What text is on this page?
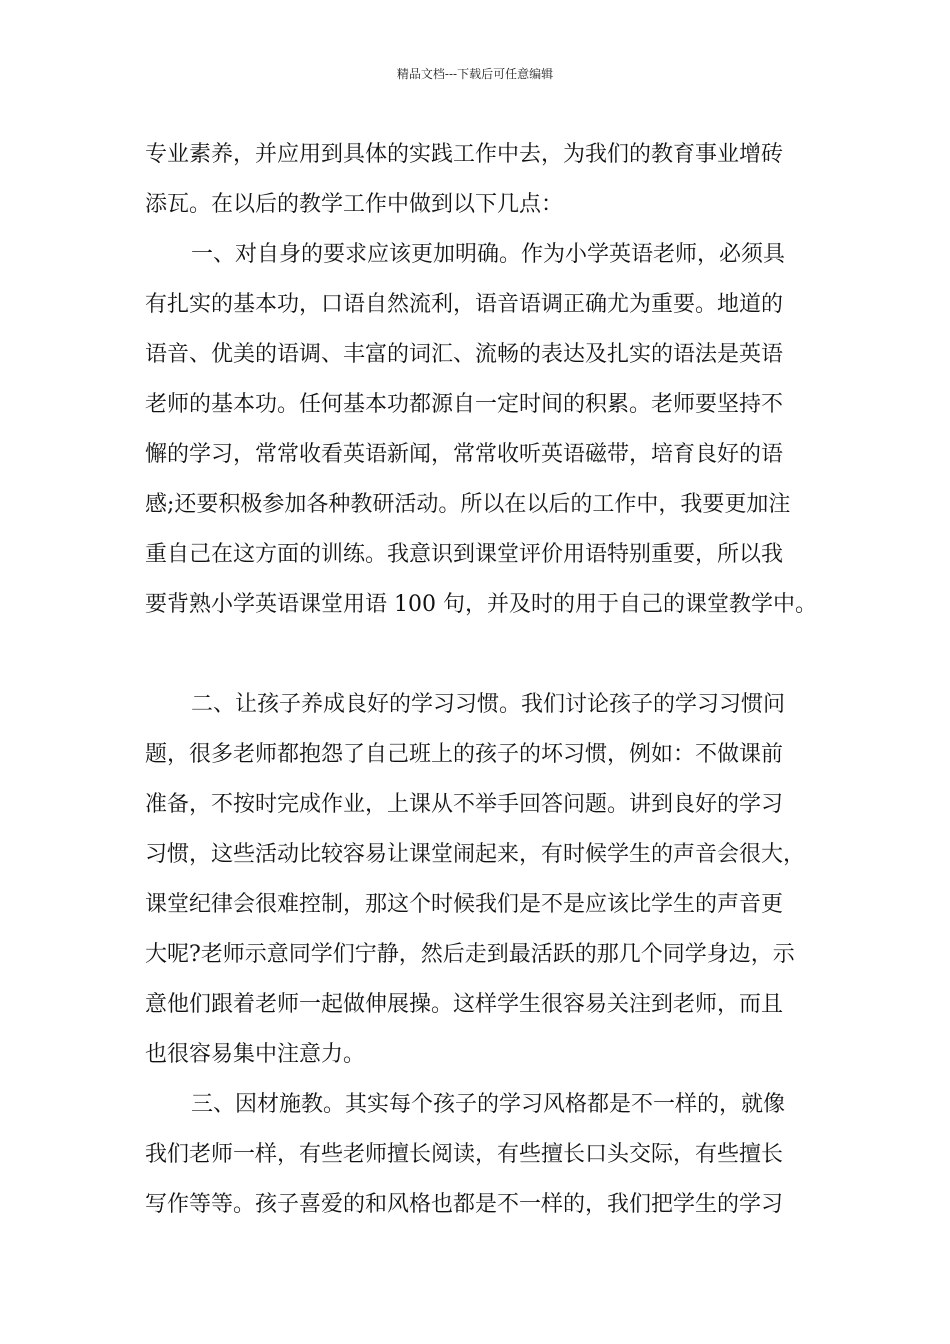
精品文档---下载后可任意编辑
专业素养，并应用到具体的实践工作中去，为我们的教育事业增砖
添瓦。在以后的教学工作中做到以下几点：
一、对自身的要求应该更加明确。作为小学英语老师，必须具
有扎实的基本功，口语自然流利，语音语调正确尤为重要。地道的
语音、优美的语调、丰富的词汇、流畅的表达及扎实的语法是英语
老师的基本功。任何基本功都源自一定时间的积累。老师要坚持不
懈的学习，常常收看英语新闻，常常收听英语磁带，培育良好的语
感;还要积极参加各种教研活动。所以在以后的工作中，我要更加注
重自己在这方面的训练。我意识到课堂评价用语特别重要，所以我
要背熟小学英语课堂用语 100 句，并及时的用于自己的课堂教学中。
二、让孩子养成良好的学习习惯。我们讨论孩子的学习习惯问
题，很多老师都抱怨了自己班上的孩子的坏习惯，例如：不做课前
准备，不按时完成作业，上课从不举手回答问题。讲到良好的学习
习惯，这些活动比较容易让课堂闹起来，有时候学生的声音会很大，
课堂纪律会很难控制，那这个时候我们是不是应该比学生的声音更
大呢?老师示意同学们宁静，然后走到最活跃的那几个同学身边，示
意他们跟着老师一起做伸展操。这样学生很容易关注到老师，而且
也很容易集中注意力。
三、因材施教。其实每个孩子的学习风格都是不一样的，就像
我们老师一样，有些老师擅长阅读，有些擅长口头交际，有些擅长
写作等等。孩子喜爱的和风格也都是不一样的，我们把学生的学习
